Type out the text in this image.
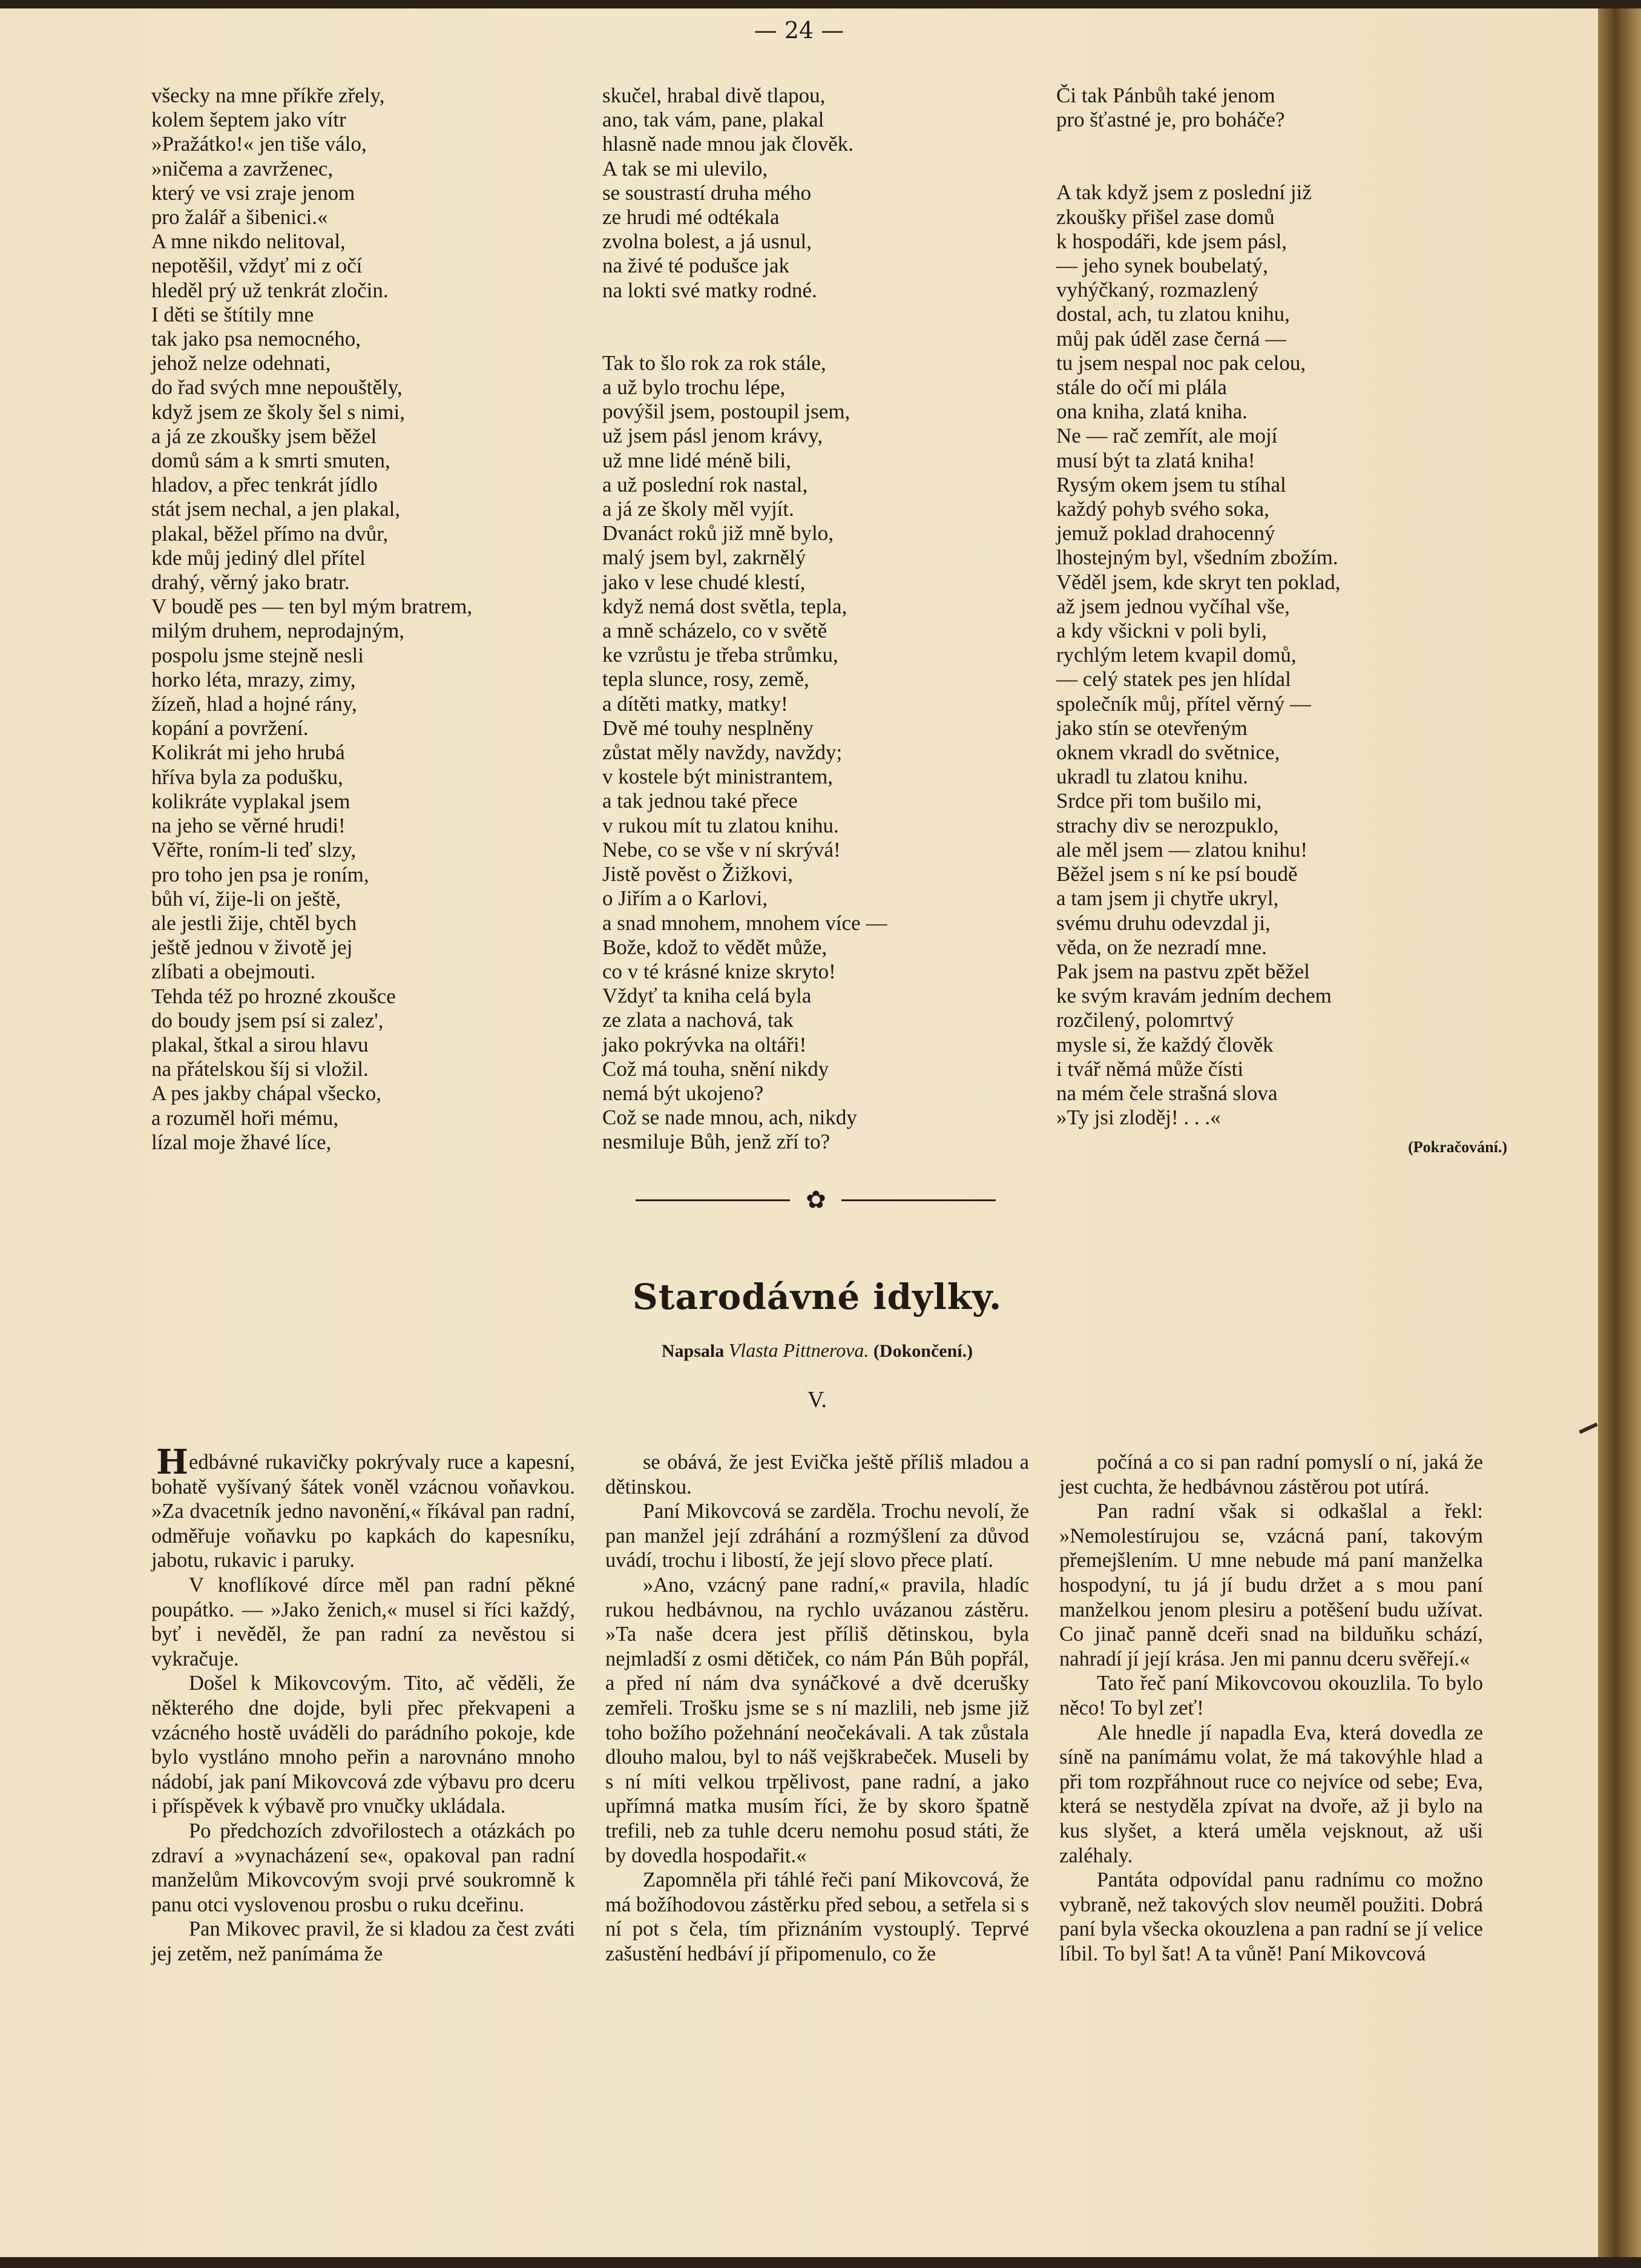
— 24 —
všecky na mne příkře zřely,
kolem šeptem jako vítr
»Pražátko!« jen tiše válo,
»ničema a zavrženec,
který ve vsi zraje jenom
pro žalář a šibenici.«
A mne nikdo nelitoval,
nepotěšil, vždyť mi z očí
hleděl prý už tenkrát zločin.
I děti se štítily mne
tak jako psa nemocného,
jehož nelze odehnati,
do řad svých mne nepouštěly,
když jsem ze školy šel s nimi,
a já ze zkoušky jsem běžel
domů sám a k smrti smuten,
hladov, a přec tenkrát jídlo
stát jsem nechal, a jen plakal,
plakal, běžel přímo na dvůr,
kde můj jediný dlel přítel
drahý, věrný jako bratr.
V boudě pes — ten byl mým bratrem,
milým druhem, neprodajným,
pospolu jsme stejně nesli
horko léta, mrazy, zimy,
žízeň, hlad a hojné rány,
kopání a povržení.
Kolikrát mi jeho hrubá
hříva byla za podušku,
kolikráte vyplakal jsem
na jeho se věrné hrudi!
Věřte, roním-li teď slzy,
pro toho jen psa je roním,
bůh ví, žije-li on ještě,
ale jestli žije, chtěl bych
ještě jednou v životě jej
zlíbati a obejmouti.
Tehda též po hrozné zkoušce
do boudy jsem psí si zalez',
plakal, štkal a sirou hlavu
na přátelskou šíj si vložil.
A pes jakby chápal všecko,
a rozuměl hoři mému,
lízal moje žhavé líce,
skučel, hrabal divě tlapou,
ano, tak vám, pane, plakal
hlasně nade mnou jak člověk.
A tak se mi ulevilo,
se soustrastí druha mého
ze hrudi mé odtékala
zvolna bolest, a já usnul,
na živé té podušce jak
na lokti své matky rodné.
Tak to šlo rok za rok stále,
a už bylo trochu lépe,
povýšil jsem, postoupil jsem,
už jsem pásl jenom krávy,
už mne lidé méně bili,
a už poslední rok nastal,
a já ze školy měl vyjít.
Dvanáct roků již mně bylo,
malý jsem byl, zakrnělý
jako v lese chudé klestí,
když nemá dost světla, tepla,
a mně scházelo, co v světě
ke vzrůstu je třeba strůmku,
tepla slunce, rosy, země,
a dítěti matky, matky!
Dvě mé touhy nesplněny
zůstat měly navždy, navždy;
v kostele být ministrantem,
a tak jednou také přece
v rukou mít tu zlatou knihu.
Nebe, co se vše v ní skrývá!
Jistě pověst o Žižkovi,
o Jiřím a o Karlovi,
a snad mnohem, mnohem více —
Bože, kdož to vědět může,
co v té krásné knize skryto!
Vždyť ta kniha celá byla
ze zlata a nachová, tak
jako pokrývka na oltáři!
Což má touha, snění nikdy
nemá být ukojeno?
Což se nade mnou, ach, nikdy
nesmiluje Bůh, jenž zří to?
Či tak Pánbůh také jenom
pro šťastné je, pro boháče?
A tak když jsem z poslední již
zkoušky přišel zase domů
k hospodáři, kde jsem pásl,
— jeho synek boubelatý,
vyhýčkaný, rozmazlený
dostal, ach, tu zlatou knihu,
můj pak úděl zase černá —
tu jsem nespal noc pak celou,
stále do očí mi plála
ona kniha, zlatá kniha.
Ne — rač zemřít, ale mojí
musí být ta zlatá kniha!
Rysým okem jsem tu stíhal
každý pohyb svého soka,
jemuž poklad drahocenný
lhostejným byl, všedním zbožím.
Věděl jsem, kde skryt ten poklad,
až jsem jednou vyčíhal vše,
a kdy všickni v poli byli,
rychlým letem kvapil domů,
— celý statek pes jen hlídal
společník můj, přítel věrný —
jako stín se otevřeným
oknem vkradl do světnice,
ukradl tu zlatou knihu.
Srdce při tom bušilo mi,
strachy div se nerozpuklo,
ale měl jsem — zlatou knihu!
Běžel jsem s ní ke psí boudě
a tam jsem ji chytře ukryl,
svému druhu odevzdal ji,
věda, on že nezradí mne.
Pak jsem na pastvu zpět běžel
ke svým kravám jedním dechem
rozčilený, polomrtvý
mysle si, že každý člověk
i tvář němá může čísti
na mém čele strašná slova
»Ty jsi zloděj! . . .«
(Pokračování.)
✿
Starodávné idylky.
Napsala Vlasta Pittnerova. (Dokončení.)
V.
H edbávné rukavičky pokrývaly ruce a kapesní, bohatě vyšívaný šátek voněl vzácnou voňavkou. »Za dvacetník jedno navonění,« říkával pan radní, odměřuje voňavku po kapkách do kapesníku, jabotu, rukavic i paruky.

V knoflíkové dírce měl pan radní pěkné poupátko. — »Jako ženich,« musel si říci každý, byť i nevěděl, že pan radní za nevěstou si vykračuje.

Došel k Mikovcovým. Tito, ač věděli, že některého dne dojde, byli přec překvapeni a vzácného hostě uváděli do parádního pokoje, kde bylo vystláno mnoho peřin a narovnáno mnoho nádobí, jak paní Mikovcová zde výbavu pro dceru i příspěvek k výbavě pro vnučky ukládala.

Po předchozích zdvořilostech a otázkách po zdraví a »vynacházení se«, opakoval pan radní manželům Mikovcovým svoji prvé soukromně k panu otci vyslovenou prosbu o ruku dceřinu.

Pan Mikovec pravil, že si kladou za čest zváti jej zetěm, než panímáma že

se obává, že jest Evička ještě příliš mladou a dětinskou.

Paní Mikovcová se zarděla. Trochu nevolí, že pan manžel její zdráhání a rozmýšlení za důvod uvádí, trochu i libostí, že její slovo přece platí.

»Ano, vzácný pane radní,« pravila, hladíc rukou hedbávnou, na rychlo uvázanou zástěru. »Ta naše dcera jest příliš dětinskou, byla nejmladší z osmi dětiček, co nám Pán Bůh popřál, a před ní nám dva synáčkové a dvě dcerušky zemřeli. Trošku jsme se s ní mazlili, neb jsme již toho božího požehnání neočekávali. A tak zůstala dlouho malou, byl to náš vejškrabeček. Museli by s ní míti velkou trpělivost, pane radní, a jako upřímná matka musím říci, že by skoro špatně trefili, neb za tuhle dceru nemohu posud státi, že by dovedla hospodařit.«

Zapomněla při táhlé řeči paní Mikovcová, že má božíhodovou zástěrku před sebou, a setřela si s ní pot s čela, tím přiznáním vystouplý. Teprvé zašustění hedbáví jí připomenulo, co že

počíná a co si pan radní pomyslí o ní, jaká že jest cuchta, že hedbávnou zástěrou pot utírá.

Pan radní však si odkašlal a řekl: »Nemolestírujou se, vzácná paní, takovým přemejšlením. U mne nebude má paní manželka hospodyní, tu já jí budu držet a s mou paní manželkou jenom plesiru a potěšení budu užívat. Co jinač panně dceři snad na bilduňku schází, nahradí jí její krása. Jen mi pannu dceru svěřejí.«

Tato řeč paní Mikovcovou okouzlila. To bylo něco! To byl zeť!

Ale hnedle jí napadla Eva, která dovedla ze síně na panímámu volat, že má takovýhle hlad a při tom rozpřáhnout ruce co nejvíce od sebe; Eva, která se nestyděla zpívat na dvoře, až ji bylo na kus slyšet, a která uměla vejsknout, až uši zaléhaly.

Pantáta odpovídal panu radnímu co možno vybraně, než takových slov neuměl použiti. Dobrá paní byla všecka okouzlena a pan radní se jí velice líbil. To byl šat! A ta vůně! Paní Mikovcová
